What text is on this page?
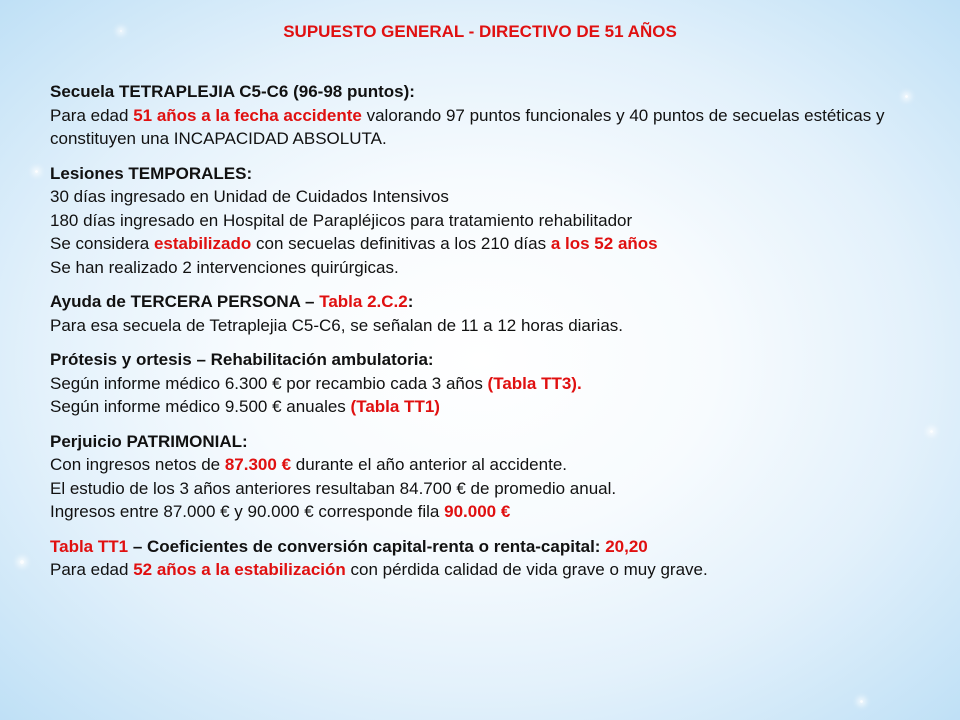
SUPUESTO GENERAL - DIRECTIVO DE 51 AÑOS
Secuela TETRAPLEJIA C5-C6 (96-98 puntos):
Para edad 51 años a la fecha accidente valorando 97 puntos funcionales y 40 puntos de secuelas estéticas y constituyen una INCAPACIDAD ABSOLUTA.
Lesiones TEMPORALES:
30 días ingresado en Unidad de Cuidados Intensivos
180 días ingresado en Hospital de Parapléjicos para tratamiento rehabilitador
Se considera estabilizado con secuelas definitivas a los 210 días a los 52 años
Se han realizado 2 intervenciones quirúrgicas.
Ayuda de TERCERA PERSONA – Tabla 2.C.2:
Para esa secuela de Tetraplejia C5-C6, se señalan de 11 a 12 horas diarias.
Prótesis y ortesis – Rehabilitación ambulatoria:
Según informe médico 6.300 € por recambio cada 3 años (Tabla TT3).
Según informe médico 9.500 € anuales (Tabla TT1)
Perjuicio PATRIMONIAL:
Con ingresos netos de 87.300 € durante el año anterior al accidente.
El estudio de los 3 años anteriores resultaban 84.700 € de promedio anual.
Ingresos entre 87.000 € y 90.000 € corresponde fila 90.000 €
Tabla TT1 – Coeficientes de conversión capital-renta o renta-capital: 20,20
Para edad 52 años a la estabilización con pérdida calidad de vida grave o muy grave.
